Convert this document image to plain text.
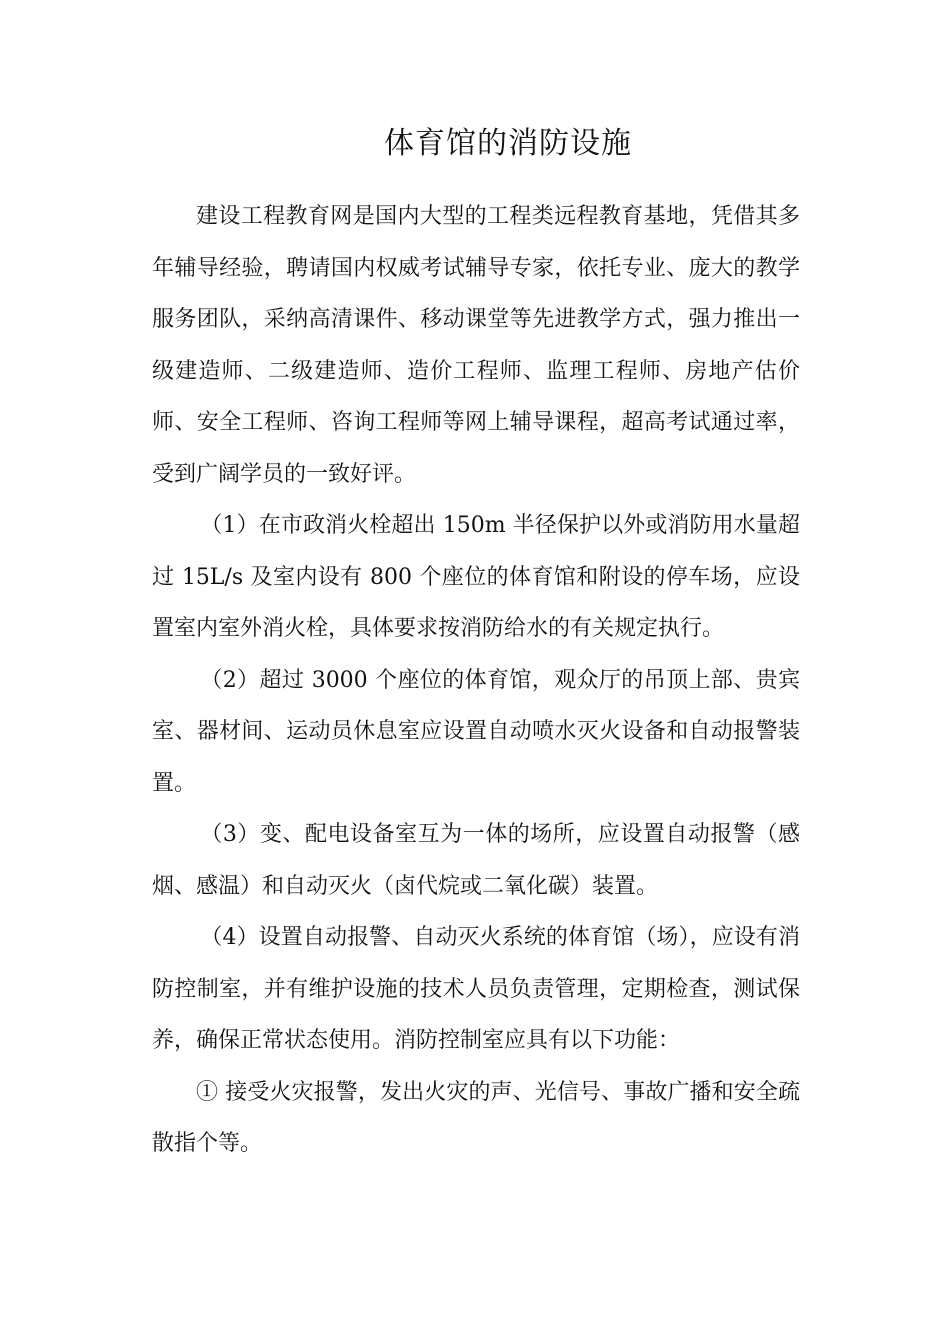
体育馆的消防设施

建设工程教育网是国内大型的工程类远程教育基地，凭借其多年辅导经验，聘请国内权威考试辅导专家，依托专业、庞大的教学服务团队，采纳高清课件、移动课堂等先进教学方式，强力推出一级建造师、二级建造师、造价工程师、监理工程师、房地产估价师、安全工程师、咨询工程师等网上辅导课程，超高考试通过率，受到广阔学员的一致好评。

（1）在市政消火栓超出 150m 半径保护以外或消防用水量超过 15L/s 及室内设有 800 个座位的体育馆和附设的停车场，应设置室内室外消火栓，具体要求按消防给水的有关规定执行。

（2）超过 3000 个座位的体育馆，观众厅的吊顶上部、贵宾室、器材间、运动员休息室应设置自动喷水灭火设备和自动报警装置。

（3）变、配电设备室互为一体的场所，应设置自动报警（感烟、感温）和自动灭火（卤代烷或二氧化碳）装置。

（4）设置自动报警、自动灭火系统的体育馆（场），应设有消防控制室，并有维护设施的技术人员负责管理，定期检查，测试保养，确保正常状态使用。消防控制室应具有以下功能：

① 接受火灾报警，发出火灾的声、光信号、事故广播和安全疏散指个等。
